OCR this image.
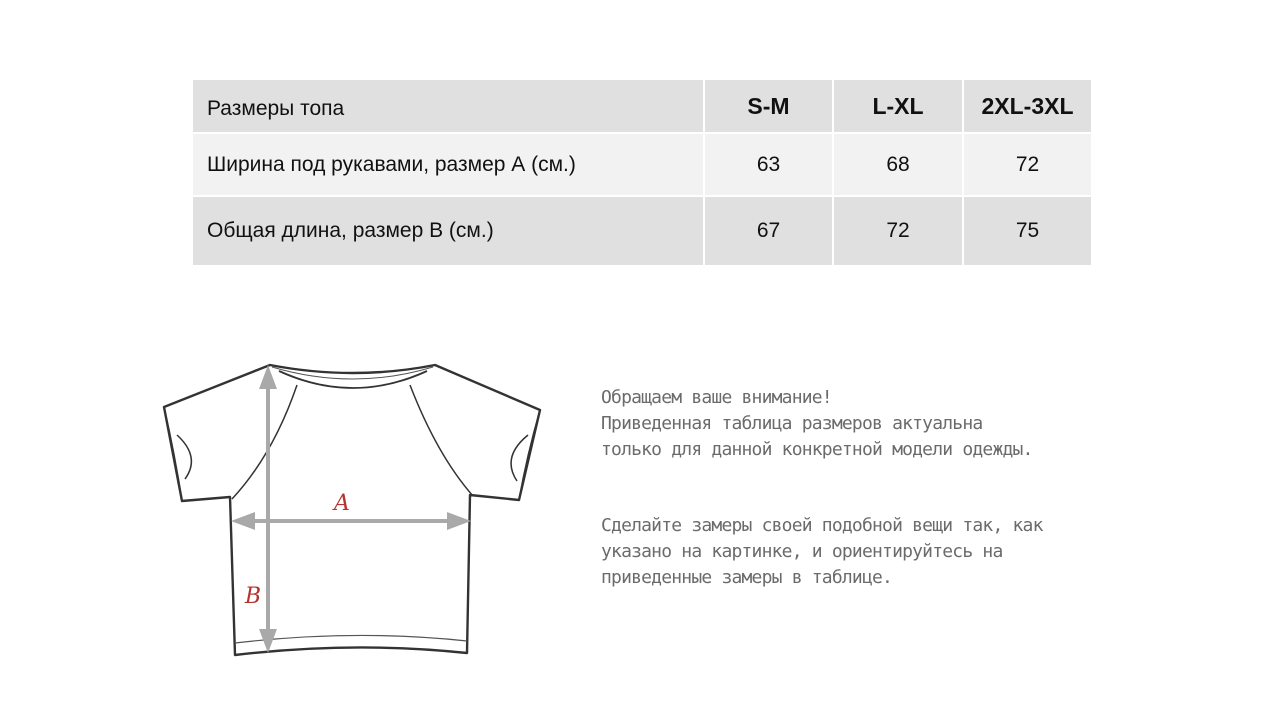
Размеры топа	S-M	L-XL	2XL-3XL
Ширина под рукавами, размер А (см.)	63	68	72
Общая длина, размер В (см.)	67	72	75
A
B

Обращаем ваше внимание!
Приведенная таблица размеров актуальна
только для данной конкретной модели одежды.

Сделайте замеры своей подобной вещи так, как
указано на картинке, и ориентируйтесь на
приведенные замеры в таблице.
